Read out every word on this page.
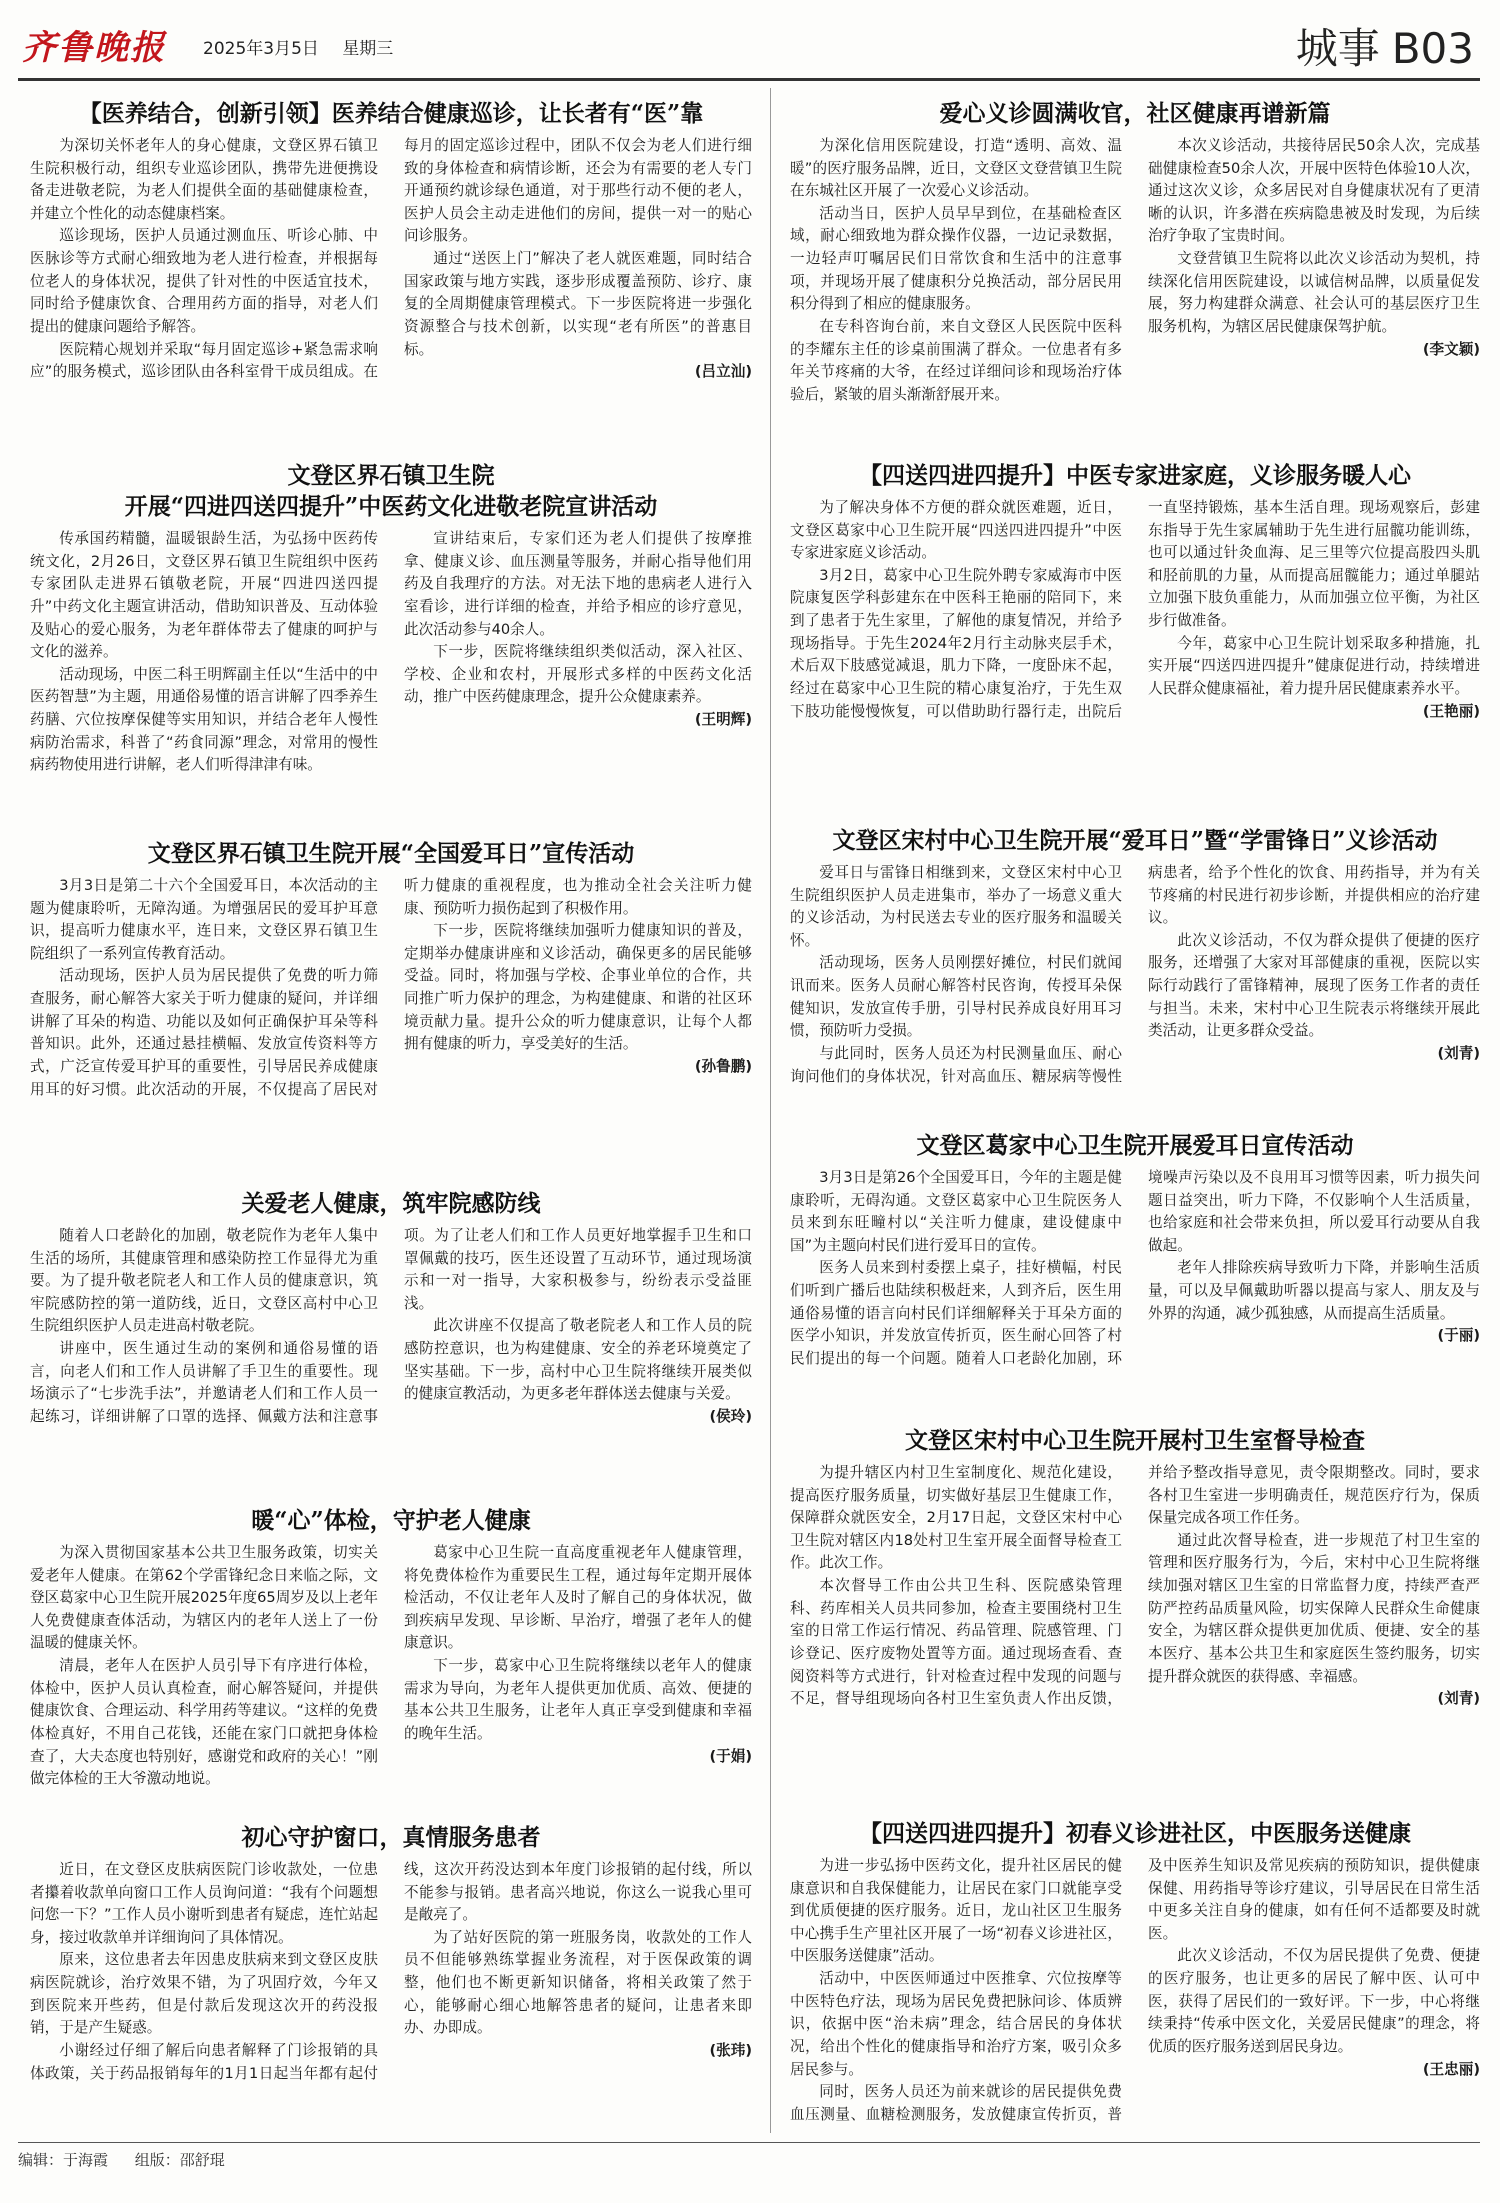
齐鲁晚报 2025年3月5日 星期三	城事 B03
【医养结合，创新引领】医养结合健康巡诊，让长者有“医”靠

为深切关怀老年人的身心健康，文登区界石镇卫生院积极行动，组织专业巡诊团队，携带先进便携设备走进敬老院，为老人们提供全面的基础健康检查，并建立个性化的动态健康档案。

巡诊现场，医护人员通过测血压、听诊心肺、中医脉诊等方式耐心细致地为老人进行检查，并根据每位老人的身体状况，提供了针对性的中医适宜技术，同时给予健康饮食、合理用药方面的指导，对老人们提出的健康问题给予解答。

医院精心规划并采取“每月固定巡诊+紧急需求响应”的服务模式，巡诊团队由各科室骨干成员组成。在每月的固定巡诊过程中，团队不仅会为老人们进行细致的身体检查和病情诊断，还会为有需要的老人专门开通预约就诊绿色通道，对于那些行动不便的老人，医护人员会主动走进他们的房间，提供一对一的贴心问诊服务。

通过“送医上门”解决了老人就医难题，同时结合国家政策与地方实践，逐步形成覆盖预防、诊疗、康复的全周期健康管理模式。下一步医院将进一步强化资源整合与技术创新，以实现“老有所医”的普惠目标。

(吕立汕)
文登区界石镇卫生院
开展“四进四送四提升”中医药文化进敬老院宣讲活动

传承国药精髓，温暖银龄生活，为弘扬中医药传统文化，2月26日，文登区界石镇卫生院组织中医药专家团队走进界石镇敬老院，开展“四进四送四提升”中药文化主题宣讲活动，借助知识普及、互动体验及贴心的爱心服务，为老年群体带去了健康的呵护与文化的滋养。

活动现场，中医二科王明辉副主任以“生活中的中医药智慧”为主题，用通俗易懂的语言讲解了四季养生药膳、穴位按摩保健等实用知识，并结合老年人慢性病防治需求，科普了“药食同源”理念，对常用的慢性病药物使用进行讲解，老人们听得津津有味。

宣讲结束后，专家们还为老人们提供了按摩推拿、健康义诊、血压测量等服务，并耐心指导他们用药及自我理疗的方法。对无法下地的患病老人进行入室看诊，进行详细的检查，并给予相应的诊疗意见，此次活动参与40余人。

下一步，医院将继续组织类似活动，深入社区、学校、企业和农村，开展形式多样的中医药文化活动，推广中医药健康理念，提升公众健康素养。

(王明辉)
文登区界石镇卫生院开展“全国爱耳日”宣传活动

3月3日是第二十六个全国爱耳日，本次活动的主题为健康聆听，无障沟通。为增强居民的爱耳护耳意识，提高听力健康水平，连日来，文登区界石镇卫生院组织了一系列宣传教育活动。

活动现场，医护人员为居民提供了免费的听力筛查服务，耐心解答大家关于听力健康的疑问，并详细讲解了耳朵的构造、功能以及如何正确保护耳朵等科普知识。此外，还通过悬挂横幅、发放宣传资料等方式，广泛宣传爱耳护耳的重要性，引导居民养成健康用耳的好习惯。此次活动的开展，不仅提高了居民对听力健康的重视程度，也为推动全社会关注听力健康、预防听力损伤起到了积极作用。

下一步，医院将继续加强听力健康知识的普及，定期举办健康讲座和义诊活动，确保更多的居民能够受益。同时，将加强与学校、企事业单位的合作，共同推广听力保护的理念，为构建健康、和谐的社区环境贡献力量。提升公众的听力健康意识，让每个人都拥有健康的听力，享受美好的生活。

(孙鲁鹏)
关爱老人健康，筑牢院感防线

随着人口老龄化的加剧，敬老院作为老年人集中生活的场所，其健康管理和感染防控工作显得尤为重要。为了提升敬老院老人和工作人员的健康意识，筑牢院感防控的第一道防线，近日，文登区高村中心卫生院组织医护人员走进高村敬老院。

讲座中，医生通过生动的案例和通俗易懂的语言，向老人们和工作人员讲解了手卫生的重要性。现场演示了“七步洗手法”，并邀请老人们和工作人员一起练习，详细讲解了口罩的选择、佩戴方法和注意事项。为了让老人们和工作人员更好地掌握手卫生和口罩佩戴的技巧，医生还设置了互动环节，通过现场演示和一对一指导，大家积极参与，纷纷表示受益匪浅。

此次讲座不仅提高了敬老院老人和工作人员的院感防控意识，也为构建健康、安全的养老环境奠定了坚实基础。下一步，高村中心卫生院将继续开展类似的健康宣教活动，为更多老年群体送去健康与关爱。

(侯玲)
暖“心”体检，守护老人健康

为深入贯彻国家基本公共卫生服务政策，切实关爱老年人健康。在第62个学雷锋纪念日来临之际，文登区葛家中心卫生院开展2025年度65周岁及以上老年人免费健康查体活动，为辖区内的老年人送上了一份温暖的健康关怀。

清晨，老年人在医护人员引导下有序进行体检，体检中，医护人员认真检查，耐心解答疑问，并提供健康饮食、合理运动、科学用药等建议。“这样的免费体检真好，不用自己花钱，还能在家门口就把身体检查了，大夫态度也特别好，感谢党和政府的关心！”刚做完体检的王大爷激动地说。

葛家中心卫生院一直高度重视老年人健康管理，将免费体检作为重要民生工程，通过每年定期开展体检活动，不仅让老年人及时了解自己的身体状况，做到疾病早发现、早诊断、早治疗，增强了老年人的健康意识。

下一步，葛家中心卫生院将继续以老年人的健康需求为导向，为老年人提供更加优质、高效、便捷的基本公共卫生服务，让老年人真正享受到健康和幸福的晚年生活。

(于娟)
初心守护窗口，真情服务患者

近日，在文登区皮肤病医院门诊收款处，一位患者攥着收款单向窗口工作人员询问道：“我有个问题想问您一下？”工作人员小谢听到患者有疑虑，连忙站起身，接过收款单并详细询问了具体情况。

原来，这位患者去年因患皮肤病来到文登区皮肤病医院就诊，治疗效果不错，为了巩固疗效，今年又到医院来开些药，但是付款后发现这次开的药没报销，于是产生疑惑。

小谢经过仔细了解后向患者解释了门诊报销的具体政策，关于药品报销每年的1月1日起当年都有起付线，这次开药没达到本年度门诊报销的起付线，所以不能参与报销。患者高兴地说，你这么一说我心里可是敞亮了。

为了站好医院的第一班服务岗，收款处的工作人员不但能够熟练掌握业务流程，对于医保政策的调整，他们也不断更新知识储备，将相关政策了然于心，能够耐心细心地解答患者的疑问，让患者来即办、办即成。

(张玮)
爱心义诊圆满收官，社区健康再谱新篇

为深化信用医院建设，打造“透明、高效、温暖”的医疗服务品牌，近日，文登区文登营镇卫生院在东城社区开展了一次爱心义诊活动。

活动当日，医护人员早早到位，在基础检查区域，耐心细致地为群众操作仪器，一边记录数据，一边轻声叮嘱居民们日常饮食和生活中的注意事项，并现场开展了健康积分兑换活动，部分居民用积分得到了相应的健康服务。

在专科咨询台前，来自文登区人民医院中医科的李耀东主任的诊桌前围满了群众。一位患者有多年关节疼痛的大爷，在经过详细问诊和现场治疗体验后，紧皱的眉头渐渐舒展开来。

本次义诊活动，共接待居民50余人次，完成基础健康检查50余人次，开展中医特色体验10人次，通过这次义诊，众多居民对自身健康状况有了更清晰的认识，许多潜在疾病隐患被及时发现，为后续治疗争取了宝贵时间。

文登营镇卫生院将以此次义诊活动为契机，持续深化信用医院建设，以诚信树品牌，以质量促发展，努力构建群众满意、社会认可的基层医疗卫生服务机构，为辖区居民健康保驾护航。

(李文颖)
【四送四进四提升】中医专家进家庭，义诊服务暖人心

为了解决身体不方便的群众就医难题，近日，文登区葛家中心卫生院开展“四送四进四提升”中医专家进家庭义诊活动。

3月2日，葛家中心卫生院外聘专家威海市中医院康复医学科彭建东在中医科王艳丽的陪同下，来到了患者于先生家里，了解他的康复情况，并给予现场指导。于先生2024年2月行主动脉夹层手术，术后双下肢感觉减退，肌力下降，一度卧床不起，经过在葛家中心卫生院的精心康复治疗，于先生双下肢功能慢慢恢复，可以借助助行器行走，出院后一直坚持锻炼，基本生活自理。现场观察后，彭建东指导于先生家属辅助于先生进行屈髋功能训练，也可以通过针灸血海、足三里等穴位提高股四头肌和胫前肌的力量，从而提高屈髋能力；通过单腿站立加强下肢负重能力，从而加强立位平衡，为社区步行做准备。

今年，葛家中心卫生院计划采取多种措施，扎实开展“四送四进四提升”健康促进行动，持续增进人民群众健康福祉，着力提升居民健康素养水平。

(王艳丽)
文登区宋村中心卫生院开展“爱耳日”暨“学雷锋日”义诊活动

爱耳日与雷锋日相继到来，文登区宋村中心卫生院组织医护人员走进集市，举办了一场意义重大的义诊活动，为村民送去专业的医疗服务和温暖关怀。

活动现场，医务人员刚摆好摊位，村民们就闻讯而来。医务人员耐心解答村民咨询，传授耳朵保健知识，发放宣传手册，引导村民养成良好用耳习惯，预防听力受损。

与此同时，医务人员还为村民测量血压、耐心询问他们的身体状况，针对高血压、糖尿病等慢性病患者，给予个性化的饮食、用药指导，并为有关节疼痛的村民进行初步诊断，并提供相应的治疗建议。

此次义诊活动，不仅为群众提供了便捷的医疗服务，还增强了大家对耳部健康的重视，医院以实际行动践行了雷锋精神，展现了医务工作者的责任与担当。未来，宋村中心卫生院表示将继续开展此类活动，让更多群众受益。

(刘青)
文登区葛家中心卫生院开展爱耳日宣传活动

3月3日是第26个全国爱耳日，今年的主题是健康聆听，无碍沟通。文登区葛家中心卫生院医务人员来到东旺疃村以“关注听力健康，建设健康中国”为主题向村民们进行爱耳日的宣传。

医务人员来到村委摆上桌子，挂好横幅，村民们听到广播后也陆续积极赶来，人到齐后，医生用通俗易懂的语言向村民们详细解释关于耳朵方面的医学小知识，并发放宣传折页，医生耐心回答了村民们提出的每一个问题。随着人口老龄化加剧，环境噪声污染以及不良用耳习惯等因素，听力损失问题日益突出，听力下降，不仅影响个人生活质量，也给家庭和社会带来负担，所以爱耳行动要从自我做起。

老年人排除疾病导致听力下降，并影响生活质量，可以及早佩戴助听器以提高与家人、朋友及与外界的沟通，减少孤独感，从而提高生活质量。

(于丽)
文登区宋村中心卫生院开展村卫生室督导检查

为提升辖区内村卫生室制度化、规范化建设，提高医疗服务质量，切实做好基层卫生健康工作，保障群众就医安全，2月17日起，文登区宋村中心卫生院对辖区内18处村卫生室开展全面督导检查工作。此次工作。

本次督导工作由公共卫生科、医院感染管理科、药库相关人员共同参加，检查主要围绕村卫生室的日常工作运行情况、药品管理、院感管理、门诊登记、医疗废物处置等方面。通过现场查看、查阅资料等方式进行，针对检查过程中发现的问题与不足，督导组现场向各村卫生室负责人作出反馈，并给予整改指导意见，责令限期整改。同时，要求各村卫生室进一步明确责任，规范医疗行为，保质保量完成各项工作任务。

通过此次督导检查，进一步规范了村卫生室的管理和医疗服务行为，今后，宋村中心卫生院将继续加强对辖区卫生室的日常监督力度，持续严查严防严控药品质量风险，切实保障人民群众生命健康安全，为辖区群众提供更加优质、便捷、安全的基本医疗、基本公共卫生和家庭医生签约服务，切实提升群众就医的获得感、幸福感。

(刘青)
【四送四进四提升】初春义诊进社区，中医服务送健康

为进一步弘扬中医药文化，提升社区居民的健康意识和自我保健能力，让居民在家门口就能享受到优质便捷的医疗服务。近日，龙山社区卫生服务中心携手生产里社区开展了一场“初春义诊进社区，中医服务送健康”活动。

活动中，中医医师通过中医推拿、穴位按摩等中医特色疗法，现场为居民免费把脉问诊、体质辨识，依据中医“治未病”理念，结合居民的身体状况，给出个性化的健康指导和治疗方案，吸引众多居民参与。

同时，医务人员还为前来就诊的居民提供免费血压测量、血糖检测服务，发放健康宣传折页，普及中医养生知识及常见疾病的预防知识，提供健康保健、用药指导等诊疗建议，引导居民在日常生活中更多关注自身的健康，如有任何不适都要及时就医。

此次义诊活动，不仅为居民提供了免费、便捷的医疗服务，也让更多的居民了解中医、认可中医，获得了居民们的一致好评。下一步，中心将继续秉持“传承中医文化，关爱居民健康”的理念，将优质的医疗服务送到居民身边。

(王忠丽)
编辑：于海霞 组版：邵舒琨
